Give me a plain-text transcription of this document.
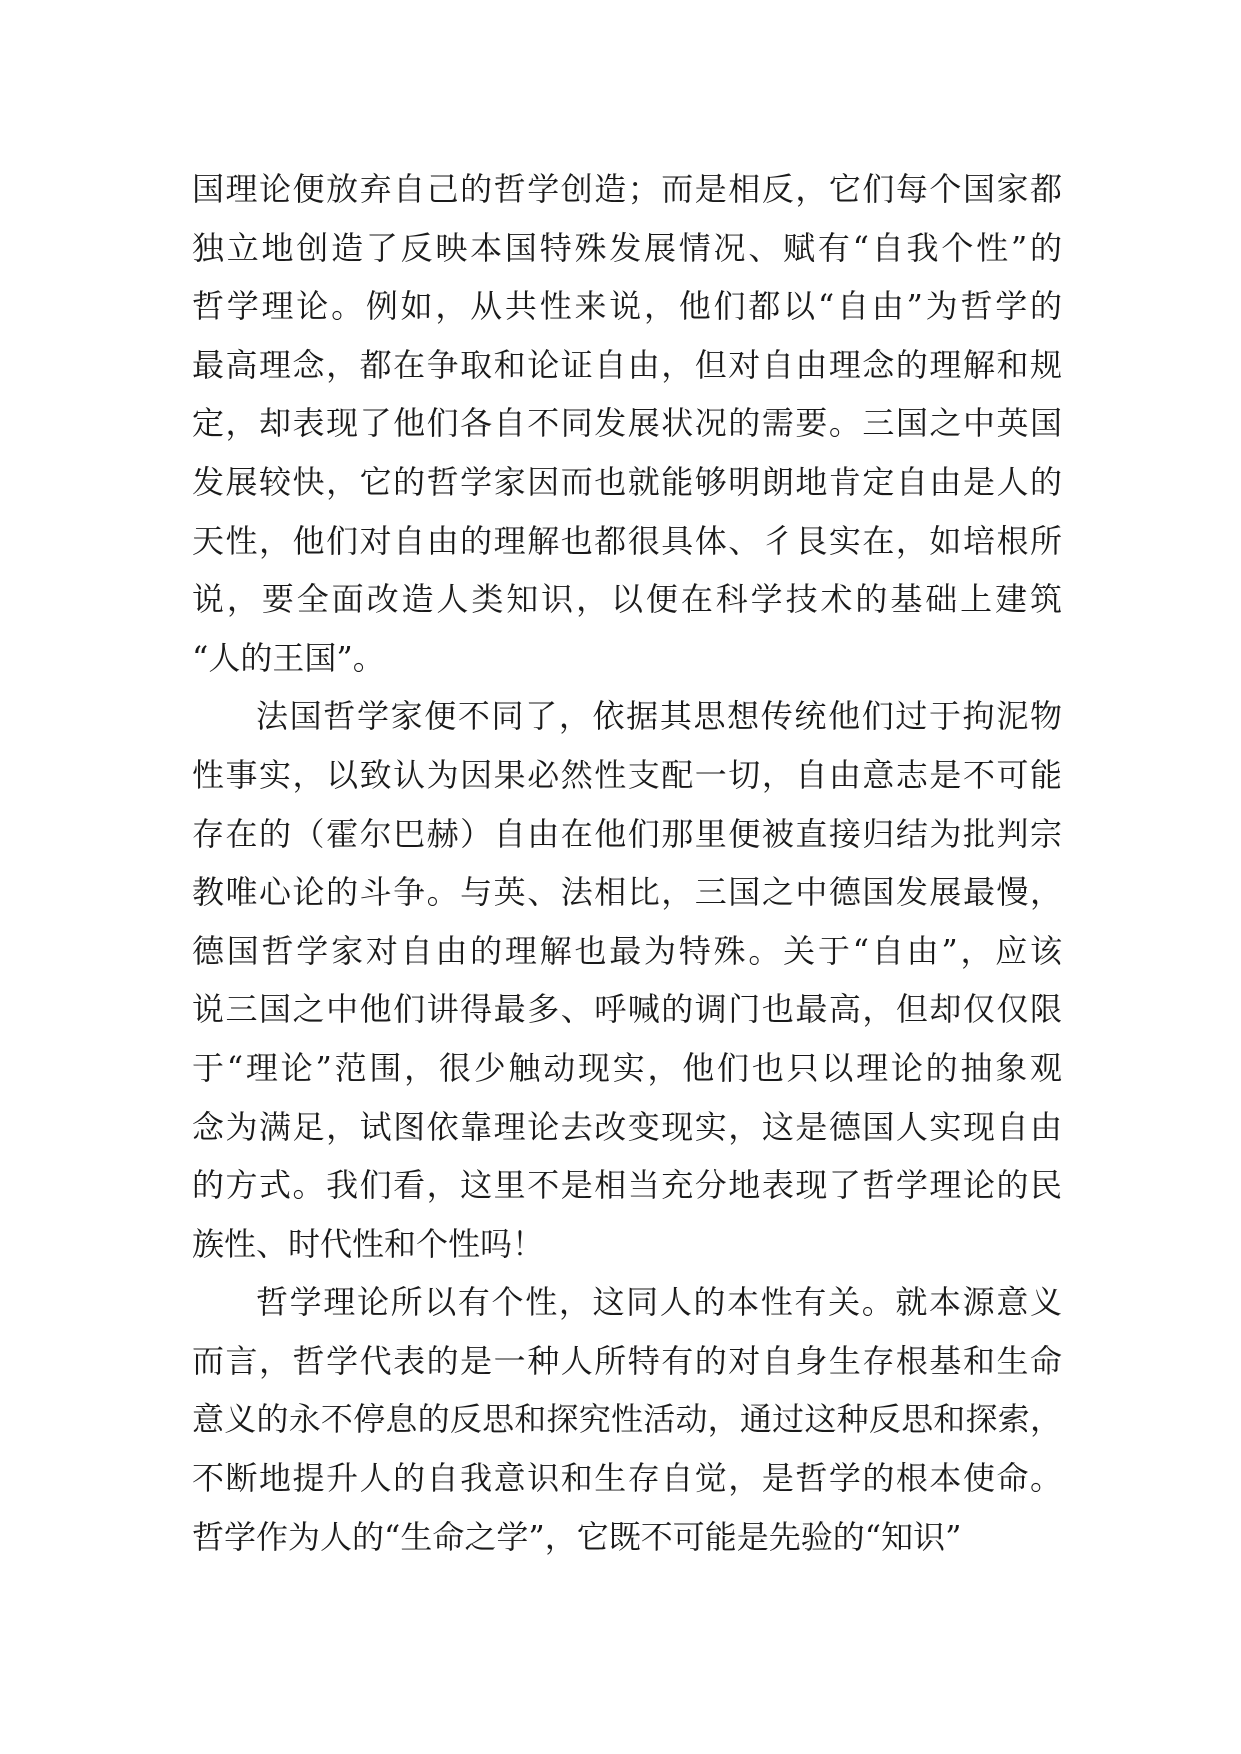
国理论便放弃自己的哲学创造；而是相反，它们每个国家都
独立地创造了反映本国特殊发展情况、赋有“自我个性”的
哲学理论。例如，从共性来说，他们都以“自由”为哲学的
最高理念，都在争取和论证自由，但对自由理念的理解和规
定，却表现了他们各自不同发展状况的需要。三国之中英国
发展较快，它的哲学家因而也就能够明朗地肯定自由是人的
天性，他们对自由的理解也都很具体、彳艮实在，如培根所
说，要全面改造人类知识，以便在科学技术的基础上建筑
“人的王国”。
法国哲学家便不同了，依据其思想传统他们过于拘泥物
性事实，以致认为因果必然性支配一切，自由意志是不可能
存在的（霍尔巴赫）自由在他们那里便被直接归结为批判宗
教唯心论的斗争。与英、法相比，三国之中德国发展最慢，
德国哲学家对自由的理解也最为特殊。关于“自由”，应该
说三国之中他们讲得最多、呼喊的调门也最高，但却仅仅限
于“理论”范围，很少触动现实，他们也只以理论的抽象观
念为满足，试图依靠理论去改变现实，这是德国人实现自由
的方式。我们看，这里不是相当充分地表现了哲学理论的民
族性、时代性和个性吗！
哲学理论所以有个性，这同人的本性有关。就本源意义
而言，哲学代表的是一种人所特有的对自身生存根基和生命
意义的永不停息的反思和探究性活动，通过这种反思和探索，
不断地提升人的自我意识和生存自觉，是哲学的根本使命。
哲学作为人的“生命之学”，它既不可能是先验的“知识”
